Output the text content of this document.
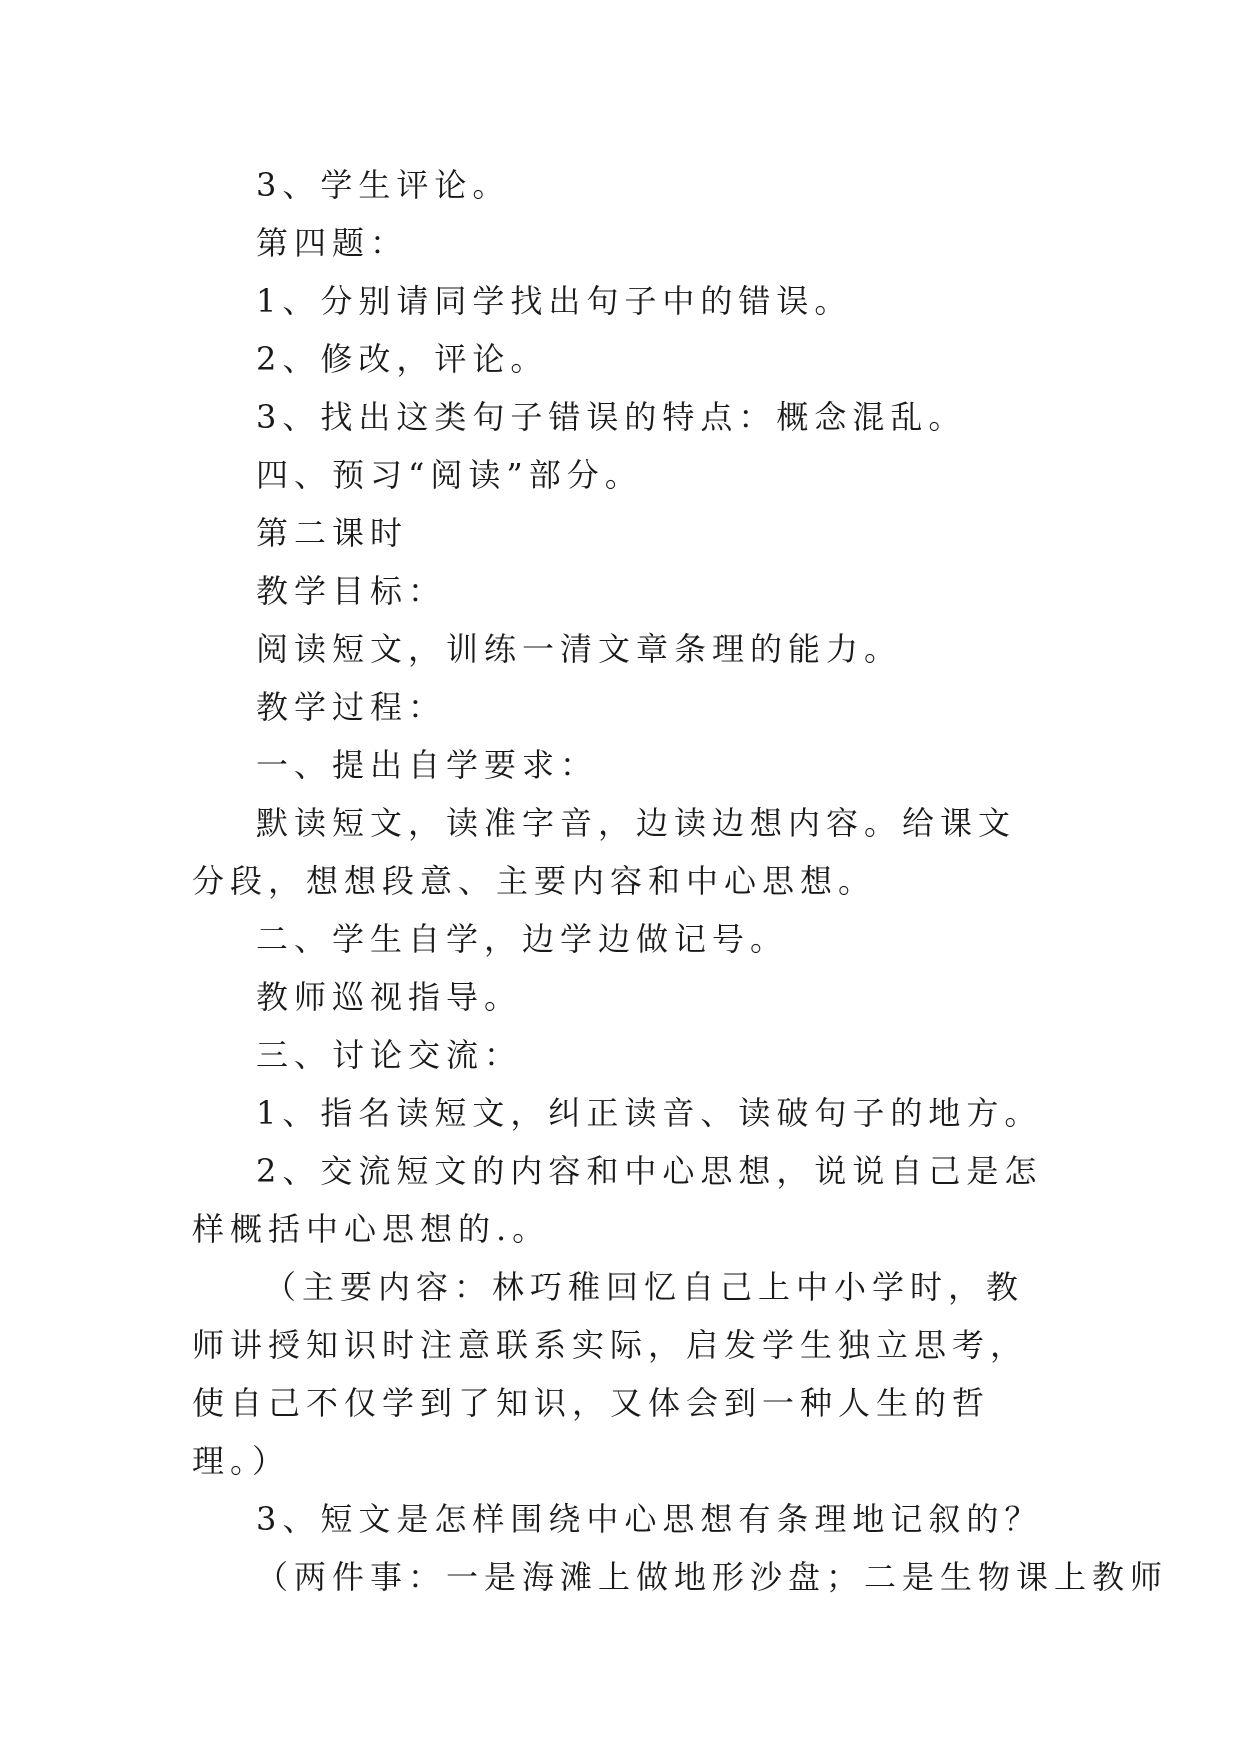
3、学生评论。

第四题：

1、分别请同学找出句子中的错误。

2、修改，评论。

3、找出这类句子错误的特点：概念混乱。

四、预习“阅读”部分。

第二课时

教学目标：

阅读短文，训练一清文章条理的能力。

教学过程：

一、提出自学要求：

默读短文，读准字音，边读边想内容。给课文分段，想想段意、主要内容和中心思想。

二、学生自学，边学边做记号。

教师巡视指导。

三、讨论交流：

1、指名读短文，纠正读音、读破句子的地方。

2、交流短文的内容和中心思想，说说自己是怎样概括中心思想的.。

（主要内容：林巧稚回忆自己上中小学时，教师讲授知识时注意联系实际，启发学生独立思考，使自己不仅学到了知识，又体会到一种人生的哲理。）

3、短文是怎样围绕中心思想有条理地记叙的？

（两件事：一是海滩上做地形沙盘；二是生物课上教师
